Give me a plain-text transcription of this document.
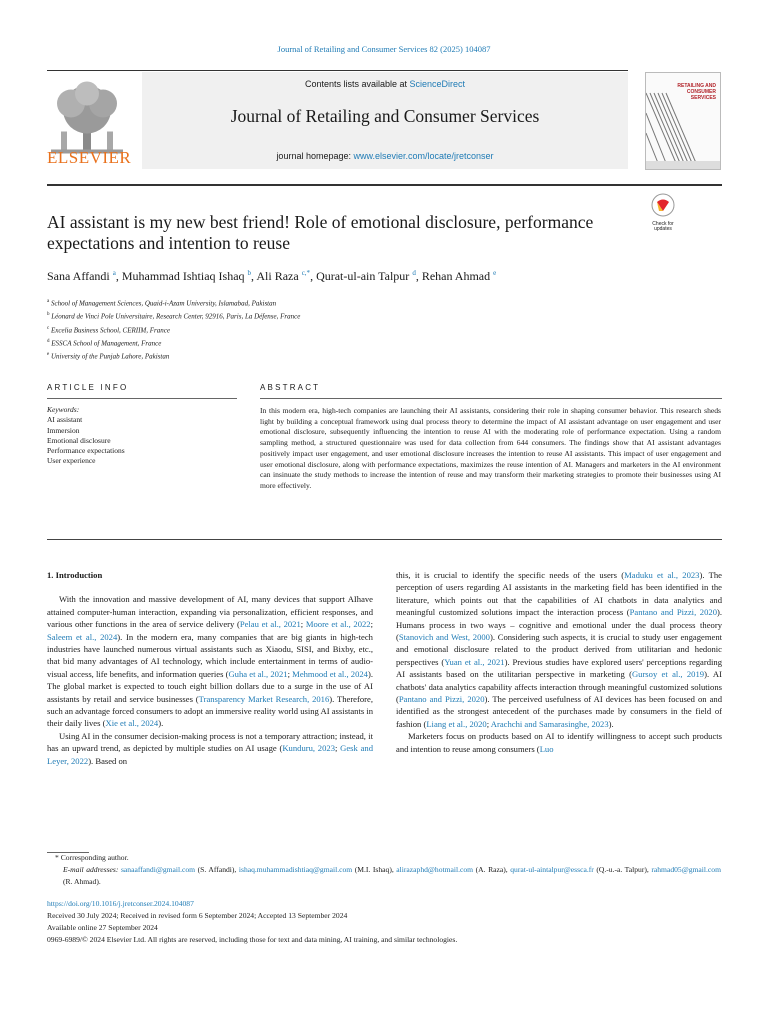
Journal of Retailing and Consumer Services 82 (2025) 104087
ELSEVIER
Contents lists available at ScienceDirect
Journal of Retailing and Consumer Services
journal homepage: www.elsevier.com/locate/jretconser
RETAILING AND CONSUMER SERVICES
Check for updates
AI assistant is my new best friend! Role of emotional disclosure, performance expectations and intention to reuse
Sana Affandi $^a$, Muhammad Ishtiaq Ishaq $^b$, Ali Raza $^{c,*}$, Qurat-ul-ain Talpur $^d$, Rehan Ahmad $^e$
$^a$ School of Management Sciences, Quaid-i-Azam University, Islamabad, Pakistan
$^b$ Léonard de Vinci Pole Universitaire, Research Center, 92916, Paris, La Défense, France
$^c$ Excelia Business School, CERIIM, France
$^d$ ESSCA School of Management, France
$^e$ University of the Punjab Lahore, Pakistan
ARTICLE INFO	ABSTRACT
Keywords:
AI assistant
Immersion
Emotional disclosure
Performance expectations
User experience
In this modern era, high-tech companies are launching their AI assistants, considering their role in shaping consumer behavior. This research sheds light by building a conceptual framework using dual process theory to determine the impact of AI assistant advantage on user engagement and user emotional disclosure, subsequently influencing the intention to reuse AI with the moderating role of performance expectation. Using a random sampling method, a structured questionnaire was used for data collection from 644 consumers. The findings show that AI assistant advantages positively impact user engagement, and user emotional disclosure increases the intention to reuse AI assistants. This impact of user engagement and user emotional disclosure, along with performance expectations, maximizes the reuse intention of AI. Managers and marketers in the AI environment can insinuate the study methods to increase the intention of reuse and may transform their marketing strategies to promote their businesses using AI more effectively.
1. Introduction

With the innovation and massive development of AI, many devices that support AIhave attained computer-human interaction, expanding via personalization, efficient responses, and various other functions in the area of service delivery (Pelau et al., 2021; Moore et al., 2022; Saleem et al., 2024). In the modern era, many companies that are big giants in high-tech industries have launched numerous virtual assistants such as Xiaodu, SISI, and Bixby, etc., that bid many advantages of AI technology, which include entertainment in terms of audio-visual access, life benefits, and information queries (Guha et al., 2021; Mehmood et al., 2024). The global market is expected to touch eight billion dollars due to a surge in the use of AI assistants by retail and service businesses (Transparency Market Research, 2016). Therefore, such an advantage forced consumers to adopt an immersive reality world using AI assistants in their daily lives (Xie et al., 2024).

Using AI in the consumer decision-making process is not a temporary attraction; instead, it has an upward trend, as depicted by multiple studies on AI usage (Kunduru, 2023; Gesk and Leyer, 2022). Based on

this, it is crucial to identify the specific needs of the users (Maduku et al., 2023). The perception of users regarding AI assistants in the marketing field has been identified in the literature, which points out that the capabilities of AI chatbots in data analytics and meaningful customized solutions impact the interaction process (Pantano and Pizzi, 2020). Humans process in two ways – cognitive and emotional under the dual process theory (Stanovich and West, 2000). Considering such aspects, it is crucial to study user engagement and emotional disclosure related to the product derived from utilitarian and hedonic perspectives (Yuan et al., 2021). Previous studies have explored users' perceptions regarding AI assistants based on the utilitarian perspective in marketing (Gursoy et al., 2019). AI chatbots' data analytics capability affects interaction through meaningful customized solutions (Pantano and Pizzi, 2020). The perceived usefulness of AI devices has been focused on and identified as the strongest antecedent of the purchases made by consumers in the field of fashion (Liang et al., 2020; Arachchi and Samarasinghe, 2023).

Marketers focus on products based on AI to identify willingness to accept such products and intention to reuse among consumers (Luo

* Corresponding author.
E-mail addresses: sanaaffandi@gmail.com (S. Affandi), ishaq.muhammadishtiaq@gmail.com (M.I. Ishaq), alirazaphd@hotmail.com (A. Raza), qurat-ul-aintalpur@essca.fr (Q.-u.-a. Talpur), rahmad05@gmail.com (R. Ahmad).
https://doi.org/10.1016/j.jretconser.2024.104087
Received 30 July 2024; Received in revised form 6 September 2024; Accepted 13 September 2024
Available online 27 September 2024
0969-6989/© 2024 Elsevier Ltd. All rights are reserved, including those for text and data mining, AI training, and similar technologies.
